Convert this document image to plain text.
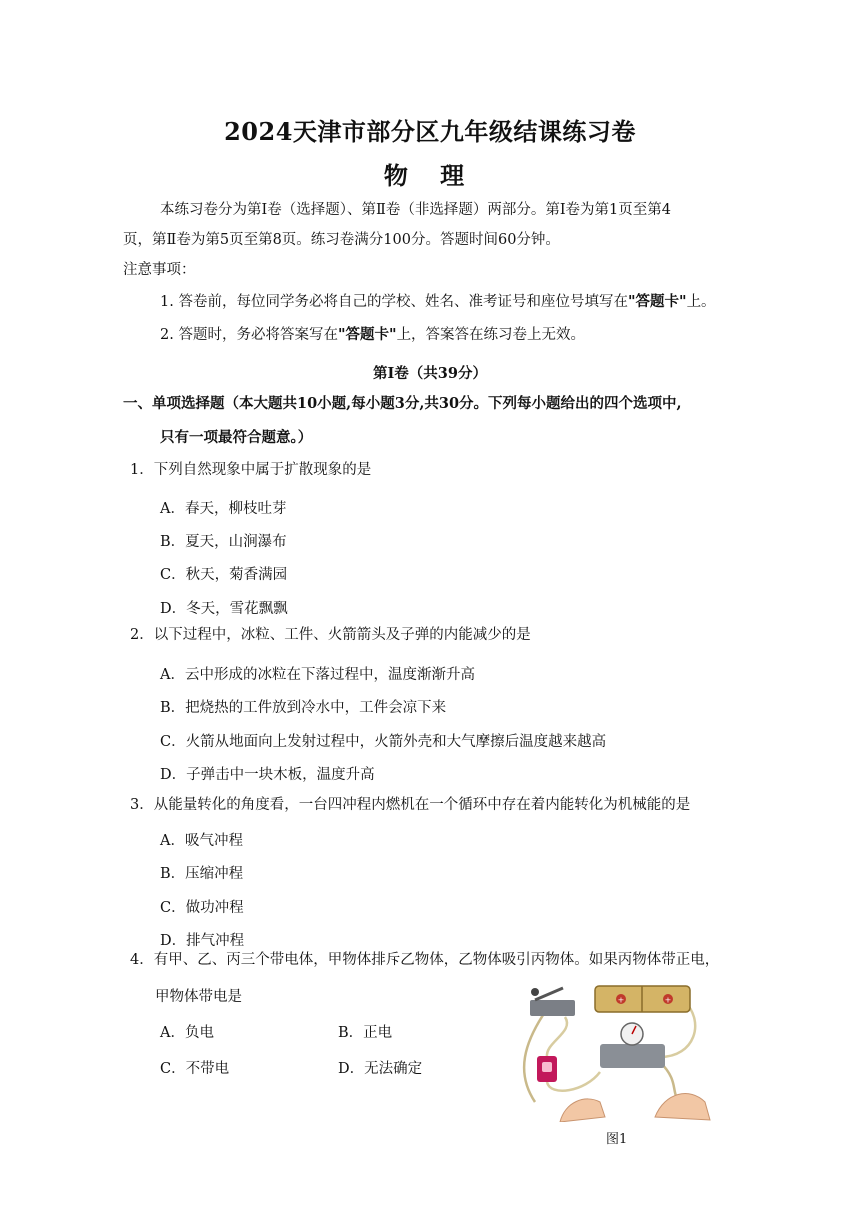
2024天津市部分区九年级结课练习卷
物 理
本练习卷分为第Ⅰ卷（选择题）、第Ⅱ卷（非选择题）两部分。第Ⅰ卷为第1页至第4
页，第Ⅱ卷为第5页至第8页。练习卷满分100分。答题时间60分钟。
注意事项：
1. 答卷前，每位同学务必将自己的学校、姓名、准考证号和座位号填写在"答题卡"上。
2. 答题时，务必将答案写在"答题卡"上，答案答在练习卷上无效。
第Ⅰ卷（共39分）
一、单项选择题（本大题共10小题,每小题3分,共30分。下列每小题给出的四个选项中,
只有一项最符合题意。）
1．下列自然现象中属于扩散现象的是
A．春天，柳枝吐芽
B．夏天，山涧瀑布
C．秋天，菊香满园
D．冬天，雪花飘飘
2．以下过程中，冰粒、工件、火箭箭头及子弹的内能减少的是
A．云中形成的冰粒在下落过程中，温度渐渐升高
B．把烧热的工件放到冷水中，工件会凉下来
C．火箭从地面向上发射过程中，火箭外壳和大气摩擦后温度越来越高
D．子弹击中一块木板，温度升高
3．从能量转化的角度看，一台四冲程内燃机在一个循环中存在着内能转化为机械能的是
A．吸气冲程
B．压缩冲程
C．做功冲程
D．排气冲程
4．有甲、乙、丙三个带电体，甲物体排斥乙物体，乙物体吸引丙物体。如果丙物体带正电，
甲物体带电是
A．负电	B．正电
C．不带电	D．无法确定
+	+
图1
